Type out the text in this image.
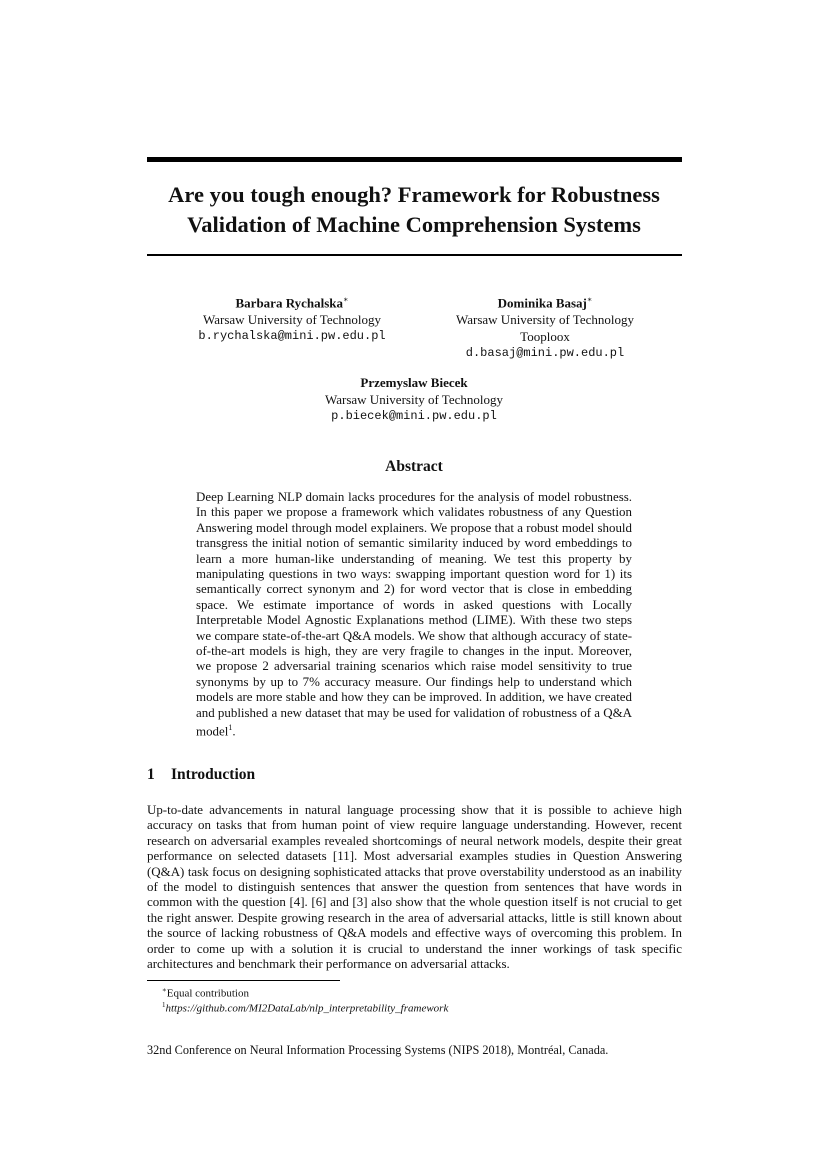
Are you tough enough? Framework for Robustness
Validation of Machine Comprehension Systems
Barbara Rychalska∗
Warsaw University of Technology
b.rychalska@mini.pw.edu.pl
Dominika Basaj∗
Warsaw University of Technology
Tooploox
d.basaj@mini.pw.edu.pl
Przemyslaw Biecek
Warsaw University of Technology
p.biecek@mini.pw.edu.pl
Abstract

Deep Learning NLP domain lacks procedures for the analysis of model robustness. In this paper we propose a framework which validates robustness of any Question Answering model through model explainers. We propose that a robust model should transgress the initial notion of semantic similarity induced by word embeddings to learn a more human-like understanding of meaning. We test this property by manipulating questions in two ways: swapping important question word for 1) its semantically correct synonym and 2) for word vector that is close in embedding space. We estimate importance of words in asked questions with Locally Interpretable Model Agnostic Explanations method (LIME). With these two steps we compare state-of-the-art Q&A models. We show that although accuracy of state-of-the-art models is high, they are very fragile to changes in the input. Moreover, we propose 2 adversarial training scenarios which raise model sensitivity to true synonyms by up to 7% accuracy measure. Our findings help to understand which models are more stable and how they can be improved. In addition, we have created and published a new dataset that may be used for validation of robustness of a Q&A model$^1$.

1 Introduction

Up-to-date advancements in natural language processing show that it is possible to achieve high accuracy on tasks that from human point of view require language understanding. However, recent research on adversarial examples revealed shortcomings of neural network models, despite their great performance on selected datasets [11]. Most adversarial examples studies in Question Answering (Q&A) task focus on designing sophisticated attacks that prove overstability understood as an inability of the model to distinguish sentences that answer the question from sentences that have words in common with the question [4]. [6] and [3] also show that the whole question itself is not crucial to get the right answer. Despite growing research in the area of adversarial attacks, little is still known about the source of lacking robustness of Q&A models and effective ways of overcoming this problem. In order to come up with a solution it is crucial to understand the inner workings of task specific architectures and benchmark their performance on adversarial attacks.

∗Equal contribution
$^1$https://github.com/MI2DataLab/nlp_interpretability_framework
32nd Conference on Neural Information Processing Systems (NIPS 2018), Montréal, Canada.
